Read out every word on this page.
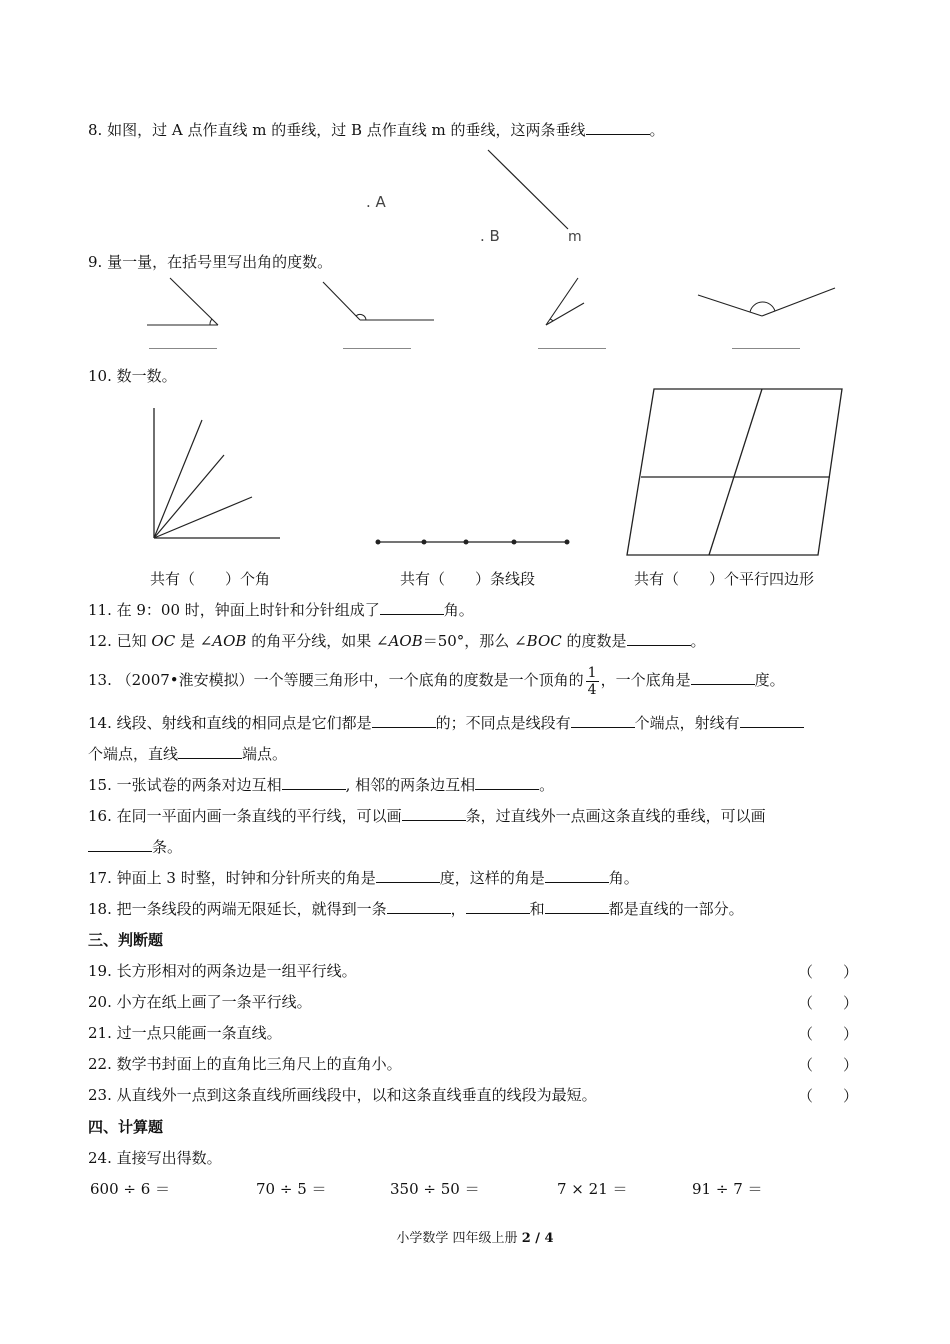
8. 如图，过 A 点作直线 m 的垂线，过 B 点作直线 m 的垂线，这两条垂线	。
. A
. B	m
9. 量一量，在括号里写出角的度数。
10. 数一数。
共有（　　）个角	共有（　　）条线段	共有（　　）个平行四边形
11. 在 9：00 时，钟面上时针和分针组成了	角。
12. 已知 OC 是 ∠AOB 的角平分线，如果 ∠AOB＝50°，那么 ∠BOC 的度数是	。
13. （2007•淮安模拟）一个等腰三角形中，一个底角的度数是一个顶角的 $\frac{1}{4}$ ，一个底角是	度。
14. 线段、射线和直线的相同点是它们都是	的；不同点是线段有	个端点，射线有
个端点，直线	端点。
15. 一张试卷的两条对边互相	, 相邻的两条边互相	。
16. 在同一平面内画一条直线的平行线，可以画	条，过直线外一点画这条直线的垂线，可以画
条。
17. 钟面上 3 时整，时钟和分针所夹的角是	度，这样的角是	角。
18. 把一条线段的两端无限延长，就得到一条	，	和	都是直线的一部分。
三、判断题
19. 长方形相对的两条边是一组平行线。	（　　）
20. 小方在纸上画了一条平行线。	（　　）
21. 过一点只能画一条直线。	（　　）
22. 数学书封面上的直角比三角尺上的直角小。	（　　）
23. 从直线外一点到这条直线所画线段中，以和这条直线垂直的线段为最短。	（　　）
四、计算题
24. 直接写出得数。
600 ÷ 6 ＝	70 ÷ 5 ＝	350 ÷ 50 ＝	7 × 21 ＝	91 ÷ 7 ＝
小学数学 四年级上册 2 / 4
